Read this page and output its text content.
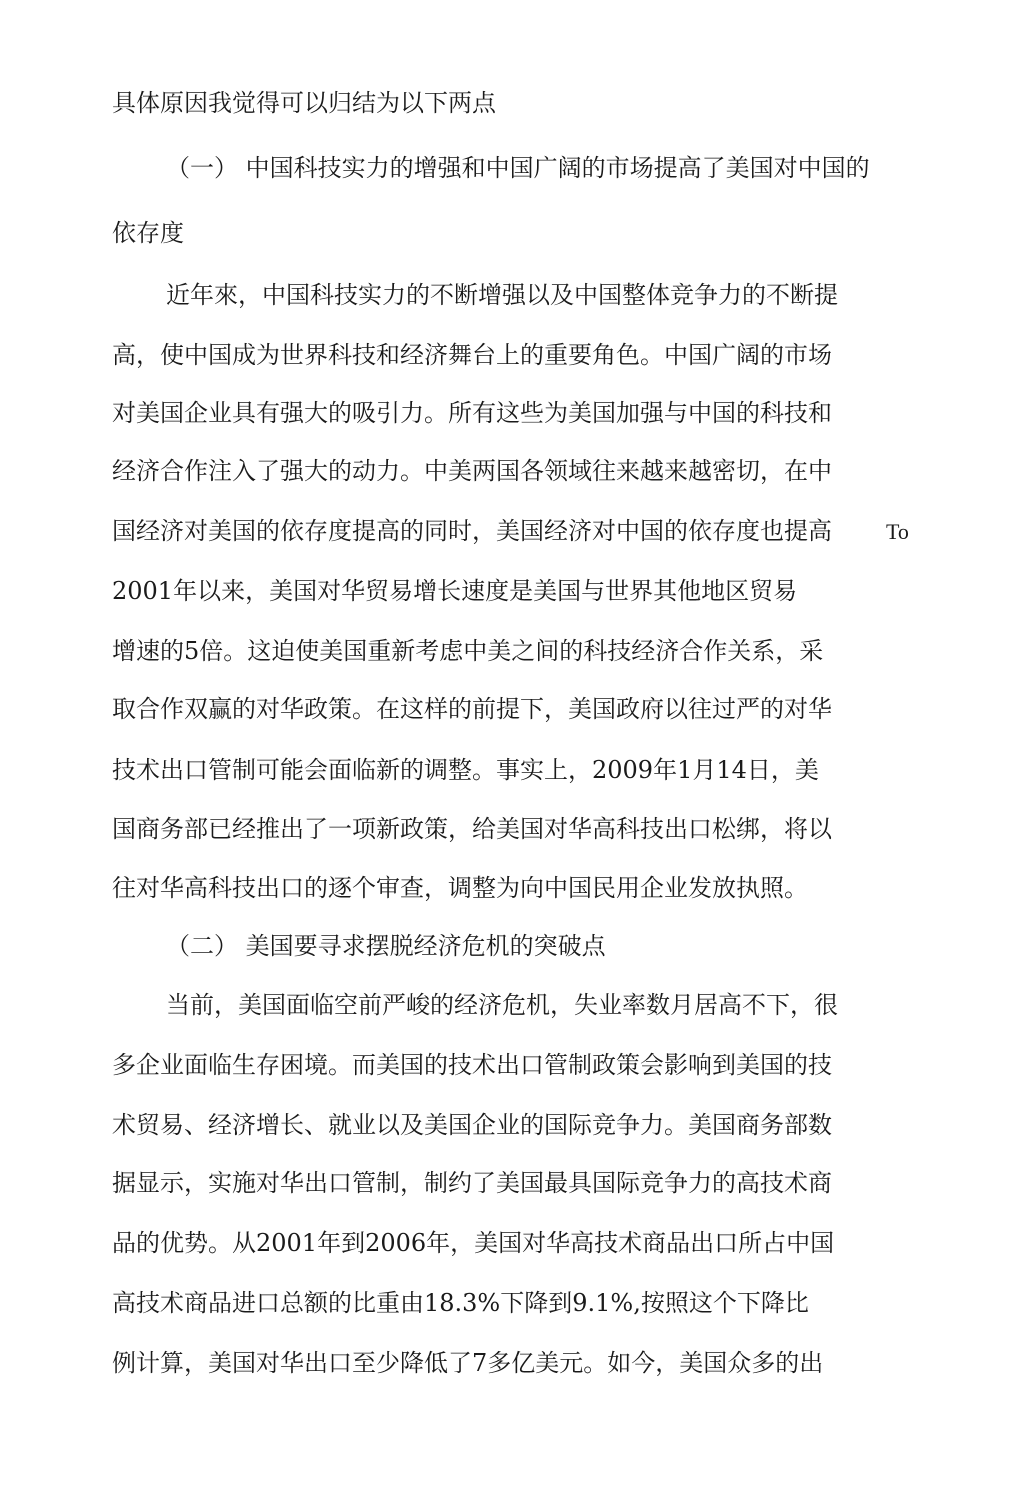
具体原因我觉得可以归结为以下两点
（一） 中国科技实力的增强和中国广阔的市场提高了美国对中国的
依存度
近年來，中国科技实力的不断增强以及中国整体竞争力的不断提
高，使中国成为世界科技和经济舞台上的重要角色。中国广阔的市场
对美国企业具有强大的吸引力。所有这些为美国加强与中国的科技和
经济合作注入了强大的动力。中美两国各领域往来越来越密切，在中
国经济对美国的依存度提高的同时，美国经济对中国的依存度也提高 To
2001年以来，美国对华贸易增长速度是美国与世界其他地区贸易
增速的5倍。这迫使美国重新考虑中美之间的科技经济合作关系，采
取合作双赢的对华政策。在这样的前提下，美国政府以往过严的对华
技术出口管制可能会面临新的调整。事实上，2009年1月14日，美
国商务部已经推出了一项新政策，给美国对华高科技出口松绑，将以
往对华高科技出口的逐个审查，调整为向中国民用企业发放执照。
（二） 美国要寻求摆脱经济危机的突破点
当前，美国面临空前严峻的经济危机，失业率数月居高不下，很
多企业面临生存困境。而美国的技术出口管制政策会影响到美国的技
术贸易、经济增长、就业以及美国企业的国际竞争力。美国商务部数
据显示，实施对华出口管制，制约了美国最具国际竞争力的高技术商
品的优势。从2001年到2006年，美国对华高技术商品出口所占中国
高技术商品进口总额的比重由18.3%下降到9.1%,按照这个下降比
例计算，美国对华出口至少降低了7多亿美元。如今，美国众多的出
